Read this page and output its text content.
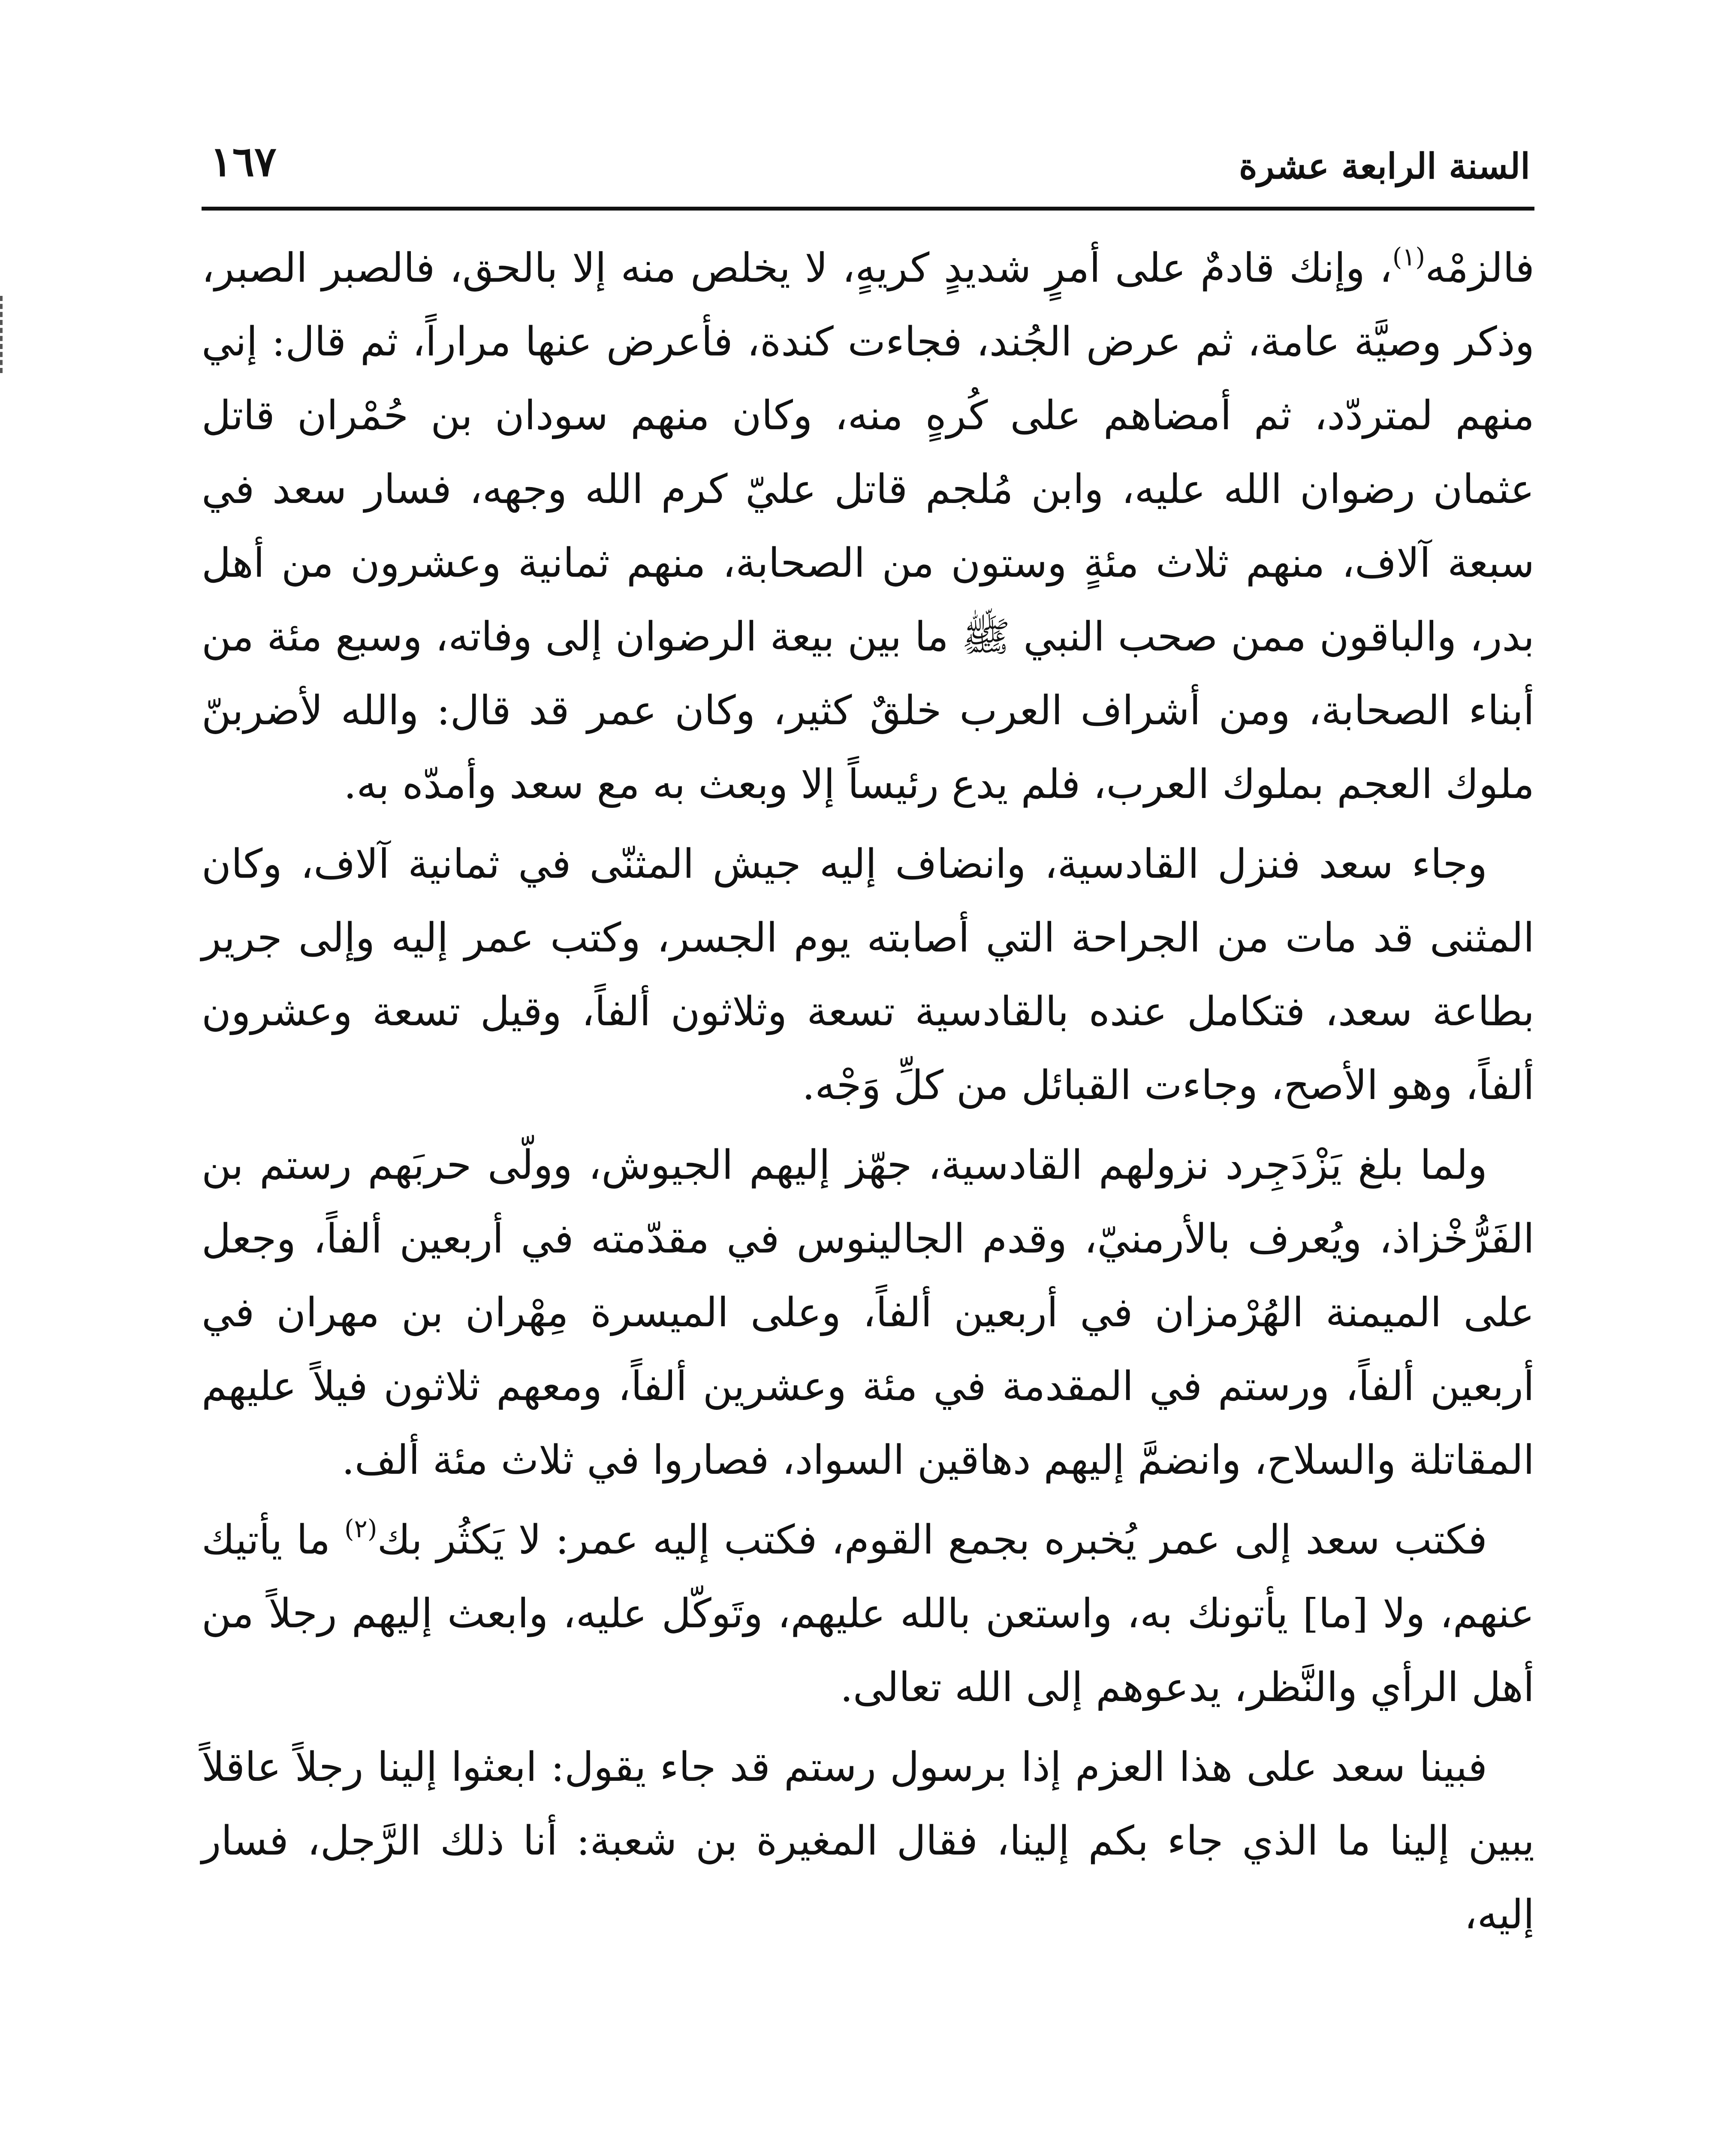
السنة الرابعة عشرة
١٦٧

فالزمْه$^{(١)}$، وإنك قادمٌ على أمرٍ شديدٍ كريهٍ، لا يخلص منه إلا بالحق، فالصبر الصبر، وذكر وصيَّة عامة، ثم عرض الجُند، فجاءت كندة، فأعرض عنها مراراً، ثم قال: إني منهم لمتردّد، ثم أمضاهم على كُرهٍ منه، وكان منهم سودان بن حُمْران قاتل عثمان رضوان الله عليه، وابن مُلجم قاتل عليّ كرم الله وجهه، فسار سعد في سبعة آلاف، منهم ثلاث مئةٍ وستون من الصحابة، منهم ثمانية وعشرون من أهل بدر، والباقون ممن صحب النبي ﷺ ما بين بيعة الرضوان إلى وفاته، وسبع مئة من أبناء الصحابة، ومن أشراف العرب خلقٌ كثير، وكان عمر قد قال: والله لأضربنّ ملوك العجم بملوك العرب، فلم يدع رئيساً إلا وبعث به مع سعد وأمدّه به.

وجاء سعد فنزل القادسية، وانضاف إليه جيش المثنّى في ثمانية آلاف، وكان المثنى قد مات من الجراحة التي أصابته يوم الجسر، وكتب عمر إليه وإلى جرير بطاعة سعد، فتكامل عنده بالقادسية تسعة وثلاثون ألفاً، وقيل تسعة وعشرون ألفاً، وهو الأصح، وجاءت القبائل من كلِّ وَجْه.

ولما بلغ يَزْدَجِرد نزولهم القادسية، جهّز إليهم الجيوش، وولّى حربَهم رستم بن الفَرُّخْزاذ، ويُعرف بالأرمنيّ، وقدم الجالينوس في مقدّمته في أربعين ألفاً، وجعل على الميمنة الهُرْمزان في أربعين ألفاً، وعلى الميسرة مِهْران بن مهران في أربعين ألفاً، ورستم في المقدمة في مئة وعشرين ألفاً، ومعهم ثلاثون فيلاً عليهم المقاتلة والسلاح، وانضمَّ إليهم دهاقين السواد، فصاروا في ثلاث مئة ألف.

فكتب سعد إلى عمر يُخبره بجمع القوم، فكتب إليه عمر: لا يَكثُر بك$^{(٢)}$ ما يأتيك عنهم، ولا [ما] يأتونك به، واستعن بالله عليهم، وتَوكّل عليه، وابعث إليهم رجلاً من أهل الرأي والنَّظر، يدعوهم إلى الله تعالى.

فبينا سعد على هذا العزم إذا برسول رستم قد جاء يقول: ابعثوا إلينا رجلاً عاقلاً يبين إلينا ما الذي جاء بكم إلينا، فقال المغيرة بن شعبة: أنا ذلك الرَّجل، فسار إليه،
